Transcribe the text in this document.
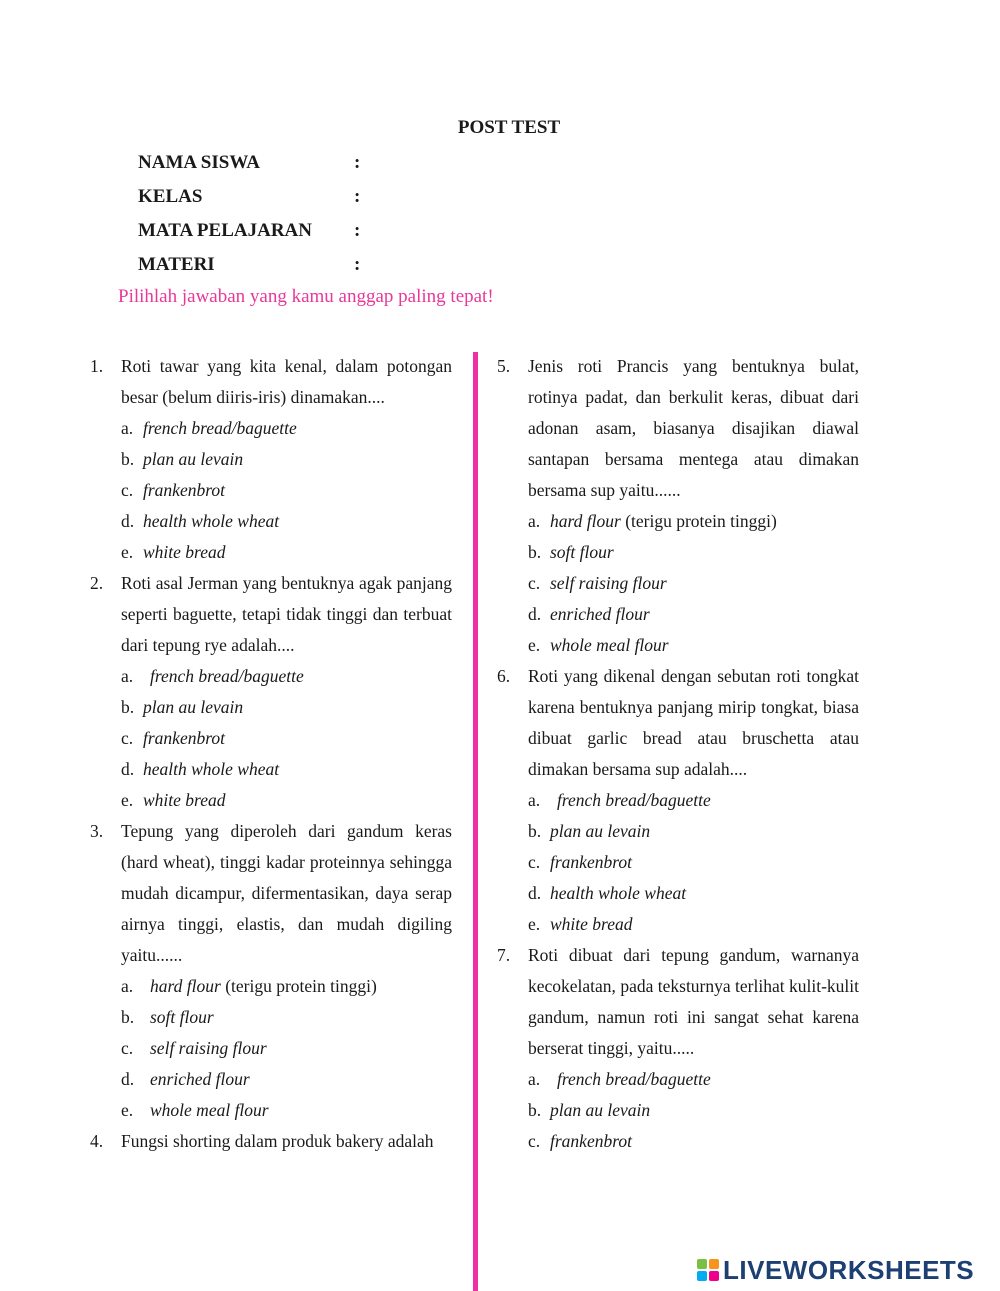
POST TEST
NAMA SISWA	:
KELAS	:
MATA PELAJARAN :
MATERI	:
Pilihlah jawaban yang kamu anggap paling tepat!
1. Roti tawar yang kita kenal, dalam potongan besar (belum diiris-iris) dinamakan....
a. french bread/baguette
b. plan au levain
c. frankenbrot
d. health whole wheat
e. white bread
2. Roti asal Jerman yang bentuknya agak panjang seperti baguette, tetapi tidak tinggi dan terbuat dari tepung rye adalah....
a. french bread/baguette
b. plan au levain
c. frankenbrot
d. health whole wheat
e. white bread
3. Tepung yang diperoleh dari gandum keras (hard wheat), tinggi kadar proteinnya sehingga mudah dicampur, difermentasikan, daya serap airnya tinggi, elastis, dan mudah digiling yaitu......
a. hard flour (terigu protein tinggi)
b. soft flour
c. self raising flour
d. enriched flour
e. whole meal flour
4. Fungsi shorting dalam produk bakery adalah
5. Jenis roti Prancis yang bentuknya bulat, rotinya padat, dan berkulit keras, dibuat dari adonan asam, biasanya disajikan diawal santapan bersama mentega atau dimakan bersama sup yaitu......
a. hard flour (terigu protein tinggi)
b. soft flour
c. self raising flour
d. enriched flour
e. whole meal flour
6. Roti yang dikenal dengan sebutan roti tongkat karena bentuknya panjang mirip tongkat, biasa dibuat garlic bread atau bruschetta atau dimakan bersama sup adalah....
a. french bread/baguette
b. plan au levain
c. frankenbrot
d. health whole wheat
e. white bread
7. Roti dibuat dari tepung gandum, warnanya kecokelatan, pada teksturnya terlihat kulit-kulit gandum, namun roti ini sangat sehat karena berserat tinggi, yaitu.....
a. french bread/baguette
b. plan au levain
c. frankenbrot
LIVEWORKSHEETS
